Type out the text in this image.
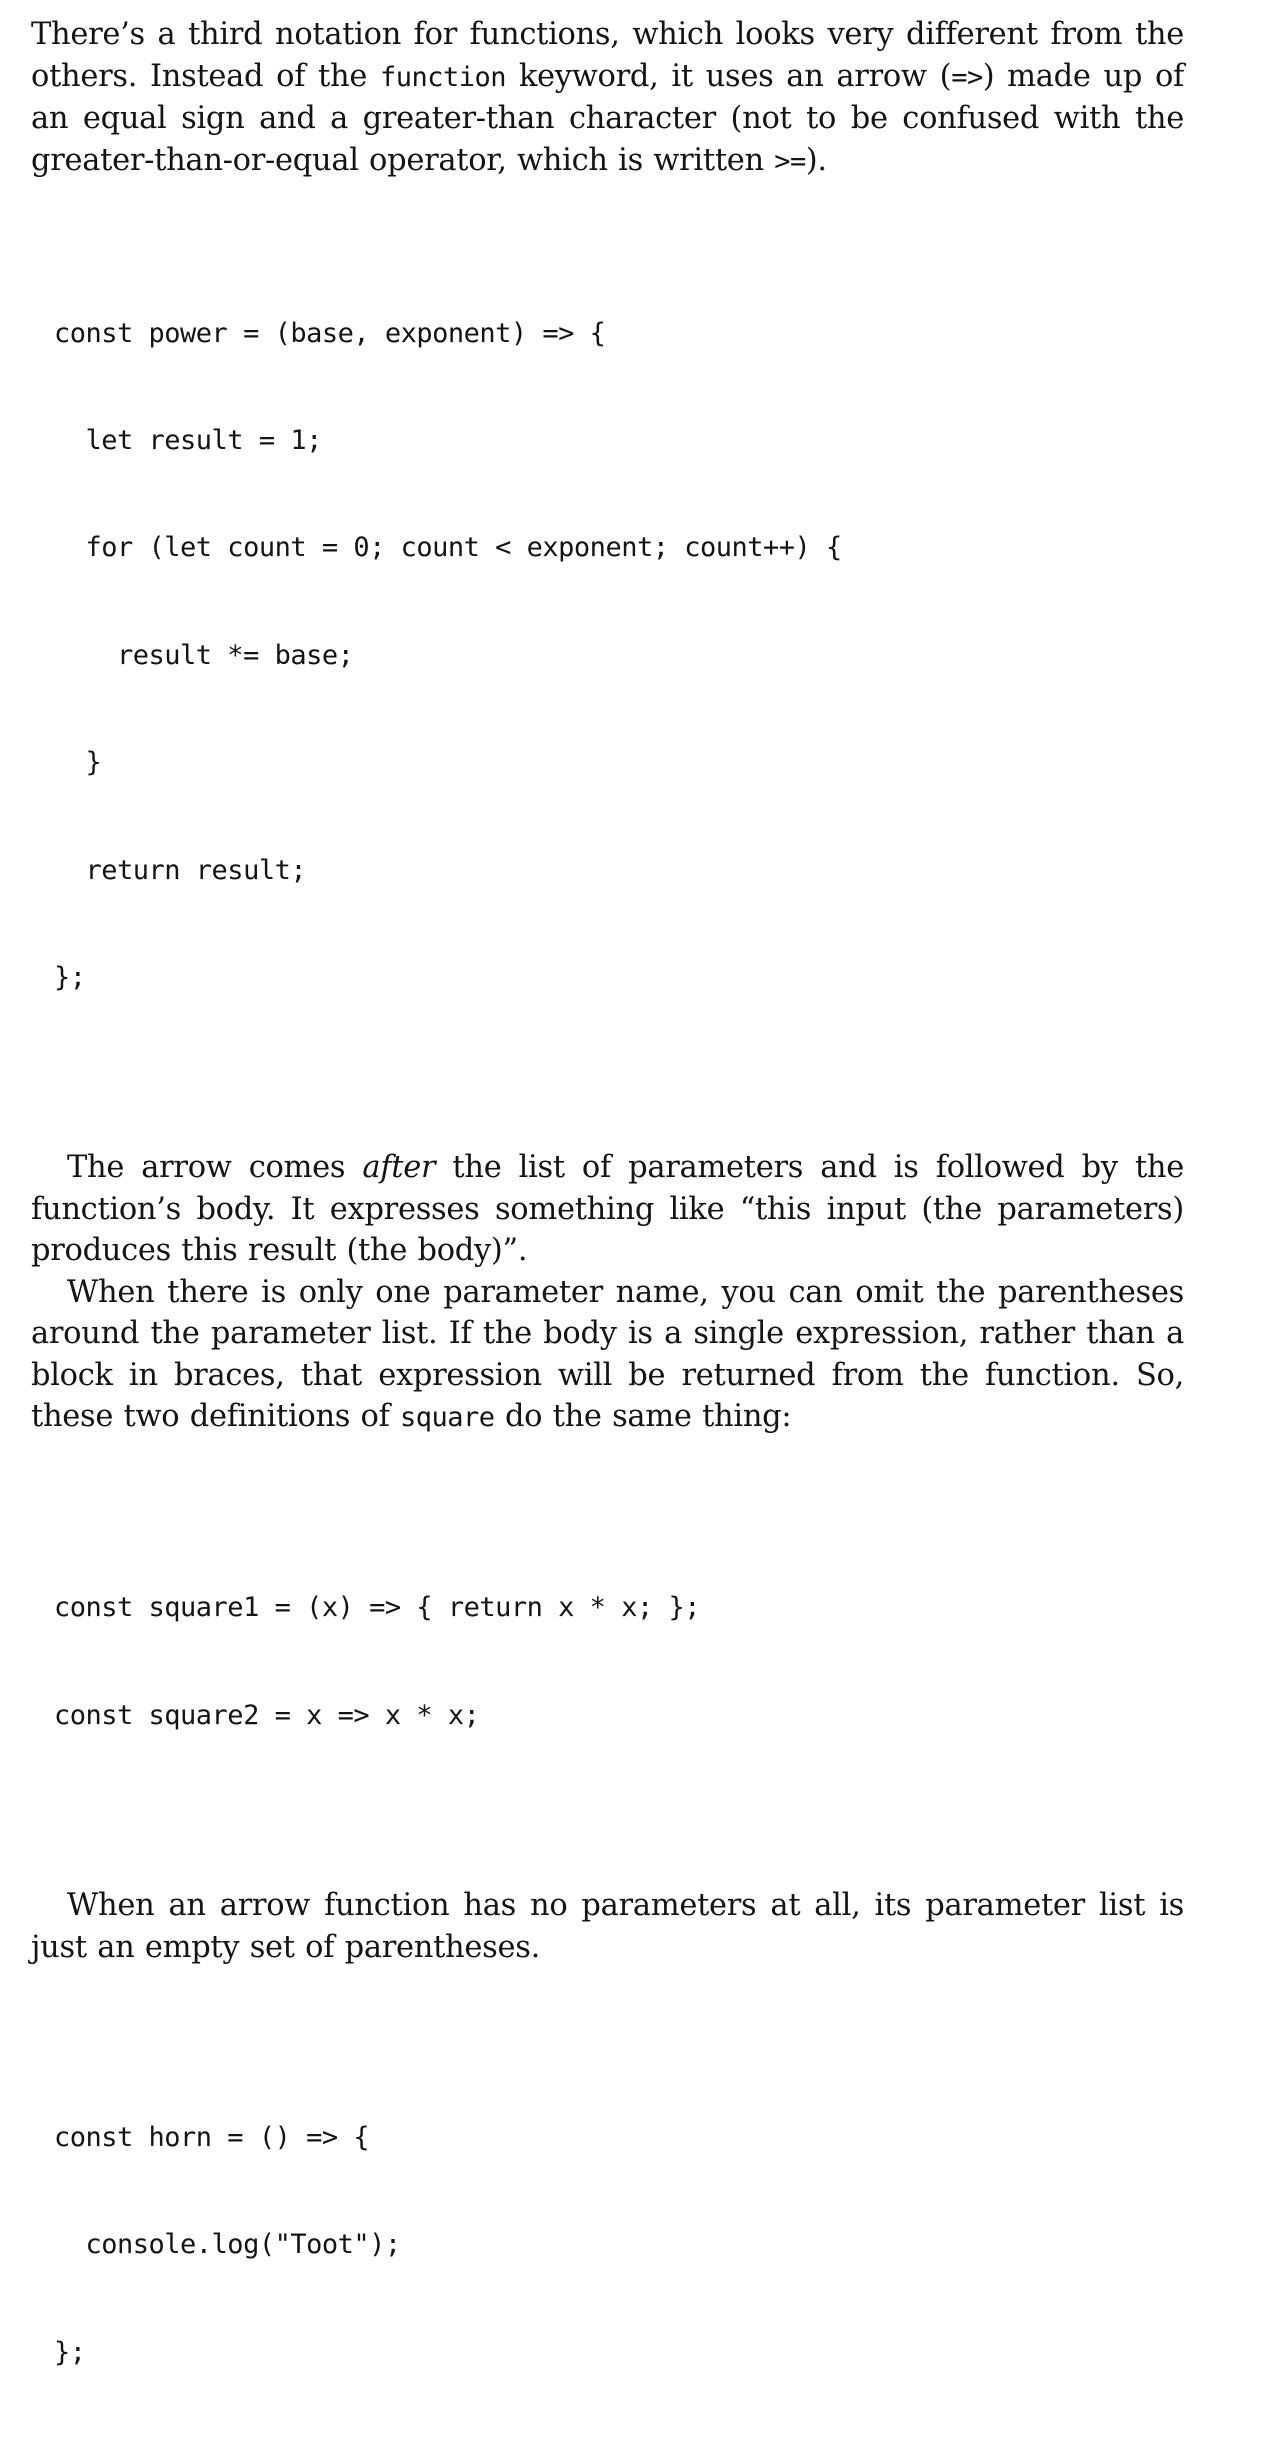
There’s a third notation for functions, which looks very different from the others. Instead of the function keyword, it uses an arrow (=>) made up of an equal sign and a greater-than character (not to be confused with the greater-than-or-equal operator, which is written >=).

const power = (base, exponent) => {

let result = 1;

for (let count = 0; count < exponent; count++) {

result *= base;

}

return result;

};

The arrow comes after the list of parameters and is followed by the function’s body. It expresses something like “this input (the parameters) produces this result (the body)”.

When there is only one parameter name, you can omit the parentheses around the parameter list. If the body is a single expression, rather than a block in braces, that expression will be returned from the function. So, these two definitions of square do the same thing:

const square1 = (x) => { return x * x; };

const square2 = x => x * x;

When an arrow function has no parameters at all, its parameter list is just an empty set of parentheses.

const horn = () => {

console.log("Toot");

};
